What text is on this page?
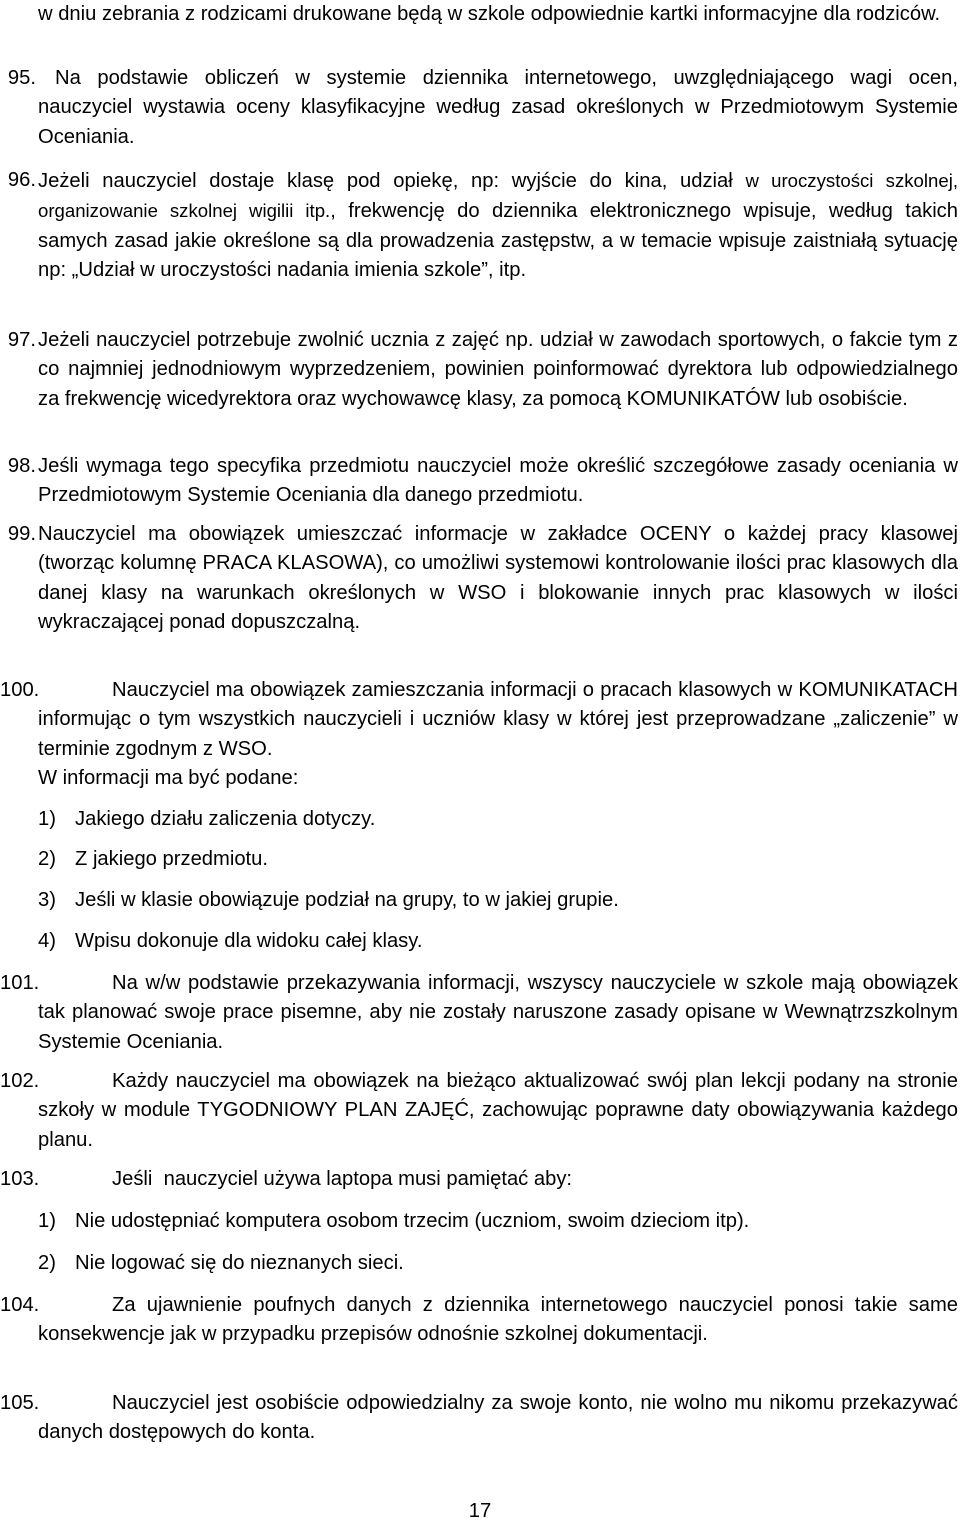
w dniu zebrania z rodzicami drukowane będą w szkole odpowiednie kartki informacyjne dla rodziców.
95. Na podstawie obliczeń w systemie dziennika internetowego, uwzględniającego wagi ocen, nauczyciel wystawia oceny klasyfikacyjne według zasad określonych w Przedmiotowym Systemie Oceniania.
96. Jeżeli nauczyciel dostaje klasę pod opiekę, np: wyjście do kina, udział w uroczystości szkolnej, organizowanie szkolnej wigilii itp., frekwencję do dziennika elektronicznego wpisuje, według takich samych zasad jakie określone są dla prowadzenia zastępstw, a w temacie wpisuje zaistniałą sytuację np: „Udział w uroczystości nadania imienia szkole”, itp.
97. Jeżeli nauczyciel potrzebuje zwolnić ucznia z zajęć np. udział w zawodach sportowych, o fakcie tym z co najmniej jednodniowym wyprzedzeniem, powinien poinformować dyrektora lub odpowiedzialnego za frekwencję wicedyrektora oraz wychowawcę klasy, za pomocą KOMUNIKATÓW lub osobiście.
98. Jeśli wymaga tego specyfika przedmiotu nauczyciel może określić szczegółowe zasady oceniania w Przedmiotowym Systemie Oceniania dla danego przedmiotu.
99. Nauczyciel ma obowiązek umieszczać informacje w zakładce OCENY o każdej pracy klasowej (tworząc kolumnę PRACA KLASOWA), co umożliwi systemowi kontrolowanie ilości prac klasowych dla danej klasy na warunkach określonych w WSO i blokowanie innych prac klasowych w ilości wykraczającej ponad dopuszczalną.
100.	Nauczyciel ma obowiązek zamieszczania informacji o pracach klasowych w KOMUNIKATACH informując o tym wszystkich nauczycieli i uczniów klasy w której jest przeprowadzane „zaliczenie” w terminie zgodnym z WSO.
W informacji ma być podane:
1) Jakiego działu zaliczenia dotyczy.
2) Z jakiego przedmiotu.
3) Jeśli w klasie obowiązuje podział na grupy, to w jakiej grupie.
4) Wpisu dokonuje dla widoku całej klasy.
101.	Na w/w podstawie przekazywania informacji, wszyscy nauczyciele w szkole mają obowiązek tak planować swoje prace pisemne, aby nie zostały naruszone zasady opisane w Wewnątrzszkolnym Systemie Oceniania.
102.	Każdy nauczyciel ma obowiązek na bieżąco aktualizować swój plan lekcji podany na stronie szkoły w module TYGODNIOWY PLAN ZAJĘĆ, zachowując poprawne daty obowiązywania każdego planu.
103.	Jeśli  nauczyciel używa laptopa musi pamiętać aby:
1) Nie udostępniać komputera osobom trzecim (uczniom, swoim dzieciom itp).
2) Nie logować się do nieznanych sieci.
104.	Za ujawnienie poufnych danych z dziennika internetowego nauczyciel ponosi takie same konsekwencje jak w przypadku przepisów odnośnie szkolnej dokumentacji.
105.	Nauczyciel jest osobiście odpowiedzialny za swoje konto, nie wolno mu nikomu przekazywać danych dostępowych do konta.
17
